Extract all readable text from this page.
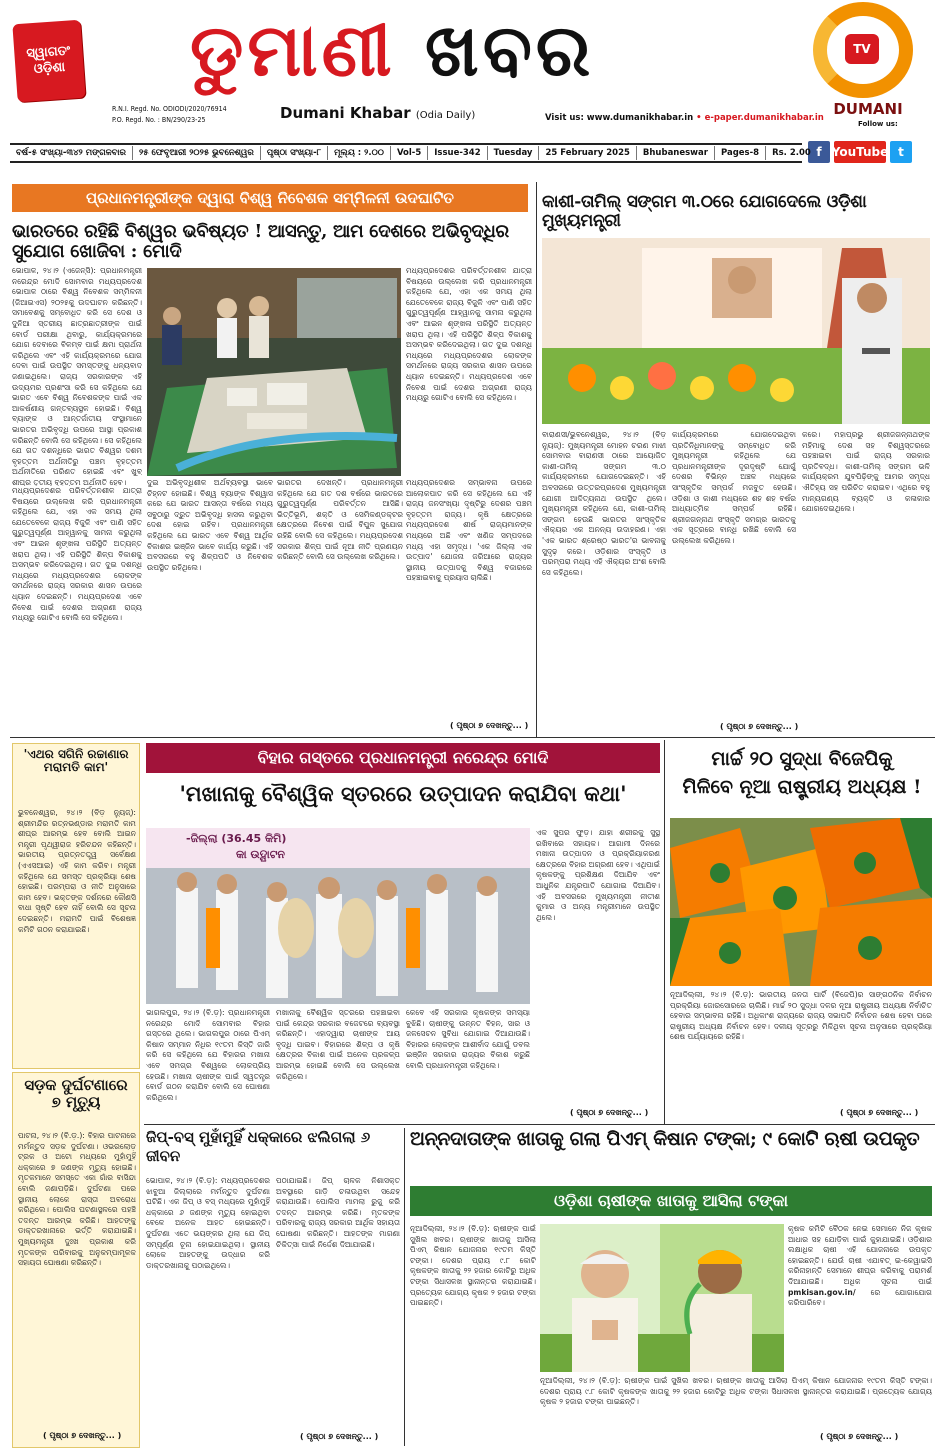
ସ୍ୱାଗତଂ
ଓଡ଼ିଶା ଡୁମାଣୀ ଖବର
R.N.I. Regd. No. ODIODI/2020/76914
P.O. Regd. No. : BN/290/23-25	Dumani Khabar (Odia Daily)	Visit us: www.dumanikhabar.in • e-paper.dumanikhabar.in
TV
DUMANI
Follow us:
f YouTube t
ବର୍ଷ-୫ ସଂଖ୍ୟା-୩୪୨ ମଙ୍ଗଳବାର	୨୫ ଫେବୃଆରୀ ୨୦୨୫ ଭୁବନେଶ୍ୱର	ପୃଷ୍ଠା ସଂଖ୍ୟା-୮	ମୂଲ୍ୟ : ୨.୦୦	Vol-5	Issue-342	Tuesday	25 February 2025	Bhubaneswar	Pages-8	Rs. 2.00
ପ୍ରଧାନମନ୍ତ୍ରୀଙ୍କ ଦ୍ୱାରା ବିଶ୍ୱ ନିବେଶକ ସମ୍ମିଳନୀ ଉଦଘାଟିତ
ଭାରତରେ ରହିଛି ବିଶ୍ୱର ଭବିଷ୍ୟତ ! ଆସନ୍ତୁ, ଆମ ଦେଶରେ ଅଭିବୃଦ୍ଧିର ସୁଯୋଗ ଖୋଜିବା : ମୋଦି
ଭୋପାଳ, ୨୪।୨ (ଏଜେନ୍ସି): ପ୍ରଧାନମନ୍ତ୍ରୀ ନରେନ୍ଦ୍ର ମୋଦି ସୋମବାର ମଧ୍ୟପ୍ରଦେଶ ଭୋପାଳ ଠାରେ ବିଶ୍ୱ ନିବେଶକ ସମ୍ମିଳନୀ (ଜିଆଇଏସ) ୨୦୨୫କୁ ଉଦଘାଟନ କରିଛନ୍ତି। ସମାବେଶକୁ ସମ୍ବୋଧିତ କରି ସେ ଦେଶ ଓ ଦୁନିଆ ସ୍ତରୀୟ ଛାତ୍ରଛାତ୍ରୀଙ୍କ ପାଇଁ ବୋର୍ଡ ପରୀକ୍ଷା ଥିବାରୁ, କାର୍ଯ୍ୟକ୍ରମରେ ଯୋଗ ଦେବାରେ ବିଳମ୍ବ ପାଇଁ କ୍ଷମା ପ୍ରାର୍ଥନା କରିଥିଲେ ଏବଂ ଏହି କାର୍ଯ୍ୟକ୍ରମରେ ଯୋଗ ଦେବା ପାଇଁ ଉପସ୍ଥିତ ସମସ୍ତଙ୍କୁ ଧନ୍ୟବାଦ ଜଣାଇଥିଲେ। ରାଜ୍ୟ ସରକାରଙ୍କ ଏହି ଉଦ୍ୟମର ପ୍ରଶଂସା କରି ସେ କହିଥିଲେ ଯେ ଭାରତ ଏବେ ବିଶ୍ୱ ନିବେଶକଙ୍କ ପାଇଁ ଏକ ଆକର୍ଷଣୀୟ ଗନ୍ତବ୍ୟସ୍ଥଳ ହୋଇଛି। ବିଶ୍ୱ ବ୍ୟାଙ୍କ ଓ ଆନ୍ତର୍ଜାତୀୟ ସଂସ୍ଥାମାନେ ଭାରତର ଅଭିବୃଦ୍ଧି ଉପରେ ଆସ୍ଥା ପ୍ରକାଶ କରିଛନ୍ତି ବୋଲି ସେ କହିଥିଲେ। ସେ କହିଥିଲେ ଯେ ଗତ ଦଶନ୍ଧିରେ ଭାରତ ବିଶ୍ୱର ଦଶମ ବୃହତ୍ତମ ଅର୍ଥନୀତିରୁ ପଞ୍ଚମ ବୃହତ୍ତମ ଅର୍ଥନୀତିରେ ପରିଣତ ହୋଇଛି ଏବଂ ଖୁବ୍ ଶୀଘ୍ର ତୃତୀୟ ବୃହତ୍ତମ ଅର୍ଥନୀତି ହେବ।
ମଧ୍ୟପ୍ରଦେଶର ପରିବର୍ତ୍ତନଶୀଳ ଯାତ୍ରା ବିଷୟରେ ଉଲ୍ଲେଖ କରି ପ୍ରଧାନମନ୍ତ୍ରୀ କହିଥିଲେ ଯେ, ଏହା ଏକ ସମୟ ଥିଲା ଯେତେବେଳେ ରାଜ୍ୟ ବିଜୁଳି ଏବଂ ପାଣି ସହିତ ଗୁରୁତ୍ୱପୂର୍ଣ୍ଣ ଆହ୍ୱାନକୁ ସାମନା କରୁଥିଲା ଏବଂ ଆଇନ ଶୃଙ୍ଖଳା ପରିସ୍ଥିତି ଅତ୍ୟନ୍ତ ଖରାପ ଥିଲା। ଏହି ପରିସ୍ଥିତି ଶିଳ୍ପ ବିକାଶକୁ ଅସମ୍ଭବ କରିଦେଇଥିଲା। ଗତ ଦୁଇ ଦଶନ୍ଧି ମଧ୍ୟରେ ମଧ୍ୟପ୍ରଦେଶର ଲୋକଙ୍କ ସମର୍ଥନରେ ରାଜ୍ୟ ସରକାର ଶାସନ ଉପରେ ଧ୍ୟାନ ଦେଇଛନ୍ତି। ମଧ୍ୟପ୍ରଦେଶ ଏବେ ନିବେଶ ପାଇଁ ଦେଶର ଅଗ୍ରଣୀ ରାଜ୍ୟ ମଧ୍ୟରୁ ଗୋଟିଏ ବୋଲି ସେ କହିଥିଲେ।
ମଧ୍ୟପ୍ରଦେଶର ପରିବର୍ତ୍ତନଶୀଳ ଯାତ୍ରା ବିଷୟରେ ଉଲ୍ଲେଖ କରି ପ୍ରଧାନମନ୍ତ୍ରୀ କହିଥିଲେ ଯେ, ଏହା ଏକ ସମୟ ଥିଲା ଯେତେବେଳେ ରାଜ୍ୟ ବିଜୁଳି ଏବଂ ପାଣି ସହିତ ଗୁରୁତ୍ୱପୂର୍ଣ୍ଣ ଆହ୍ୱାନକୁ ସାମନା କରୁଥିଲା ଏବଂ ଆଇନ ଶୃଙ୍ଖଳା ପରିସ୍ଥିତି ଅତ୍ୟନ୍ତ ଖରାପ ଥିଲା। ଏହି ପରିସ୍ଥିତି ଶିଳ୍ପ ବିକାଶକୁ ଅସମ୍ଭବ କରିଦେଇଥିଲା। ଗତ ଦୁଇ ଦଶନ୍ଧି ମଧ୍ୟରେ ମଧ୍ୟପ୍ରଦେଶର ଲୋକଙ୍କ ସମର୍ଥନରେ ରାଜ୍ୟ ସରକାର ଶାସନ ଉପରେ ଧ୍ୟାନ ଦେଇଛନ୍ତି। ମଧ୍ୟପ୍ରଦେଶ ଏବେ ନିବେଶ ପାଇଁ ଦେଶର ଅଗ୍ରଣୀ ରାଜ୍ୟ ମଧ୍ୟରୁ ଗୋଟିଏ ବୋଲି ସେ କହିଥିଲେ।
ଦୁଇ ଅଭିବୃଦ୍ଧିଶୀଳ ଅର୍ଥବ୍ୟବସ୍ଥା ଭାବେ ଚିହ୍ନଟ ହୋଇଛି। ବିଶ୍ୱ ବ୍ୟାଙ୍କ ବିଶ୍ୱାସ କରେ ଯେ ଭାରତ ଆସନ୍ତା ବର୍ଷରେ ମଧ୍ୟ ସବୁଠାରୁ ଦ୍ରୁତ ଅଭିବୃଦ୍ଧି ହାସଲ କରୁଥିବା ଦେଶ ହୋଇ ରହିବ। ପ୍ରଧାନମନ୍ତ୍ରୀ କହିଥିଲେ ଯେ ଭାରତ ଏବେ ବିଶ୍ୱ ଆର୍ଥିକ ବିକାଶର ଇଞ୍ଜିନ ଭାବେ କାର୍ଯ୍ୟ କରୁଛି। ଏହି ଅବସରରେ ବହୁ ଶିଳ୍ପପତି ଓ ନିବେଶକ ଉପସ୍ଥିତ ରହିଥିଲେ।
ଭାରତର ଦେଖନ୍ତି। ପ୍ରଧାନମନ୍ତ୍ରୀ କହିଥିଲେ ଯେ ଗତ ଦଶ ବର୍ଷରେ ଭାରତରେ ଗୁରୁତ୍ୱପୂର୍ଣ୍ଣ ପରିବର୍ତ୍ତନ ଆସିଛି। ଭିତ୍ତିଭୂମି, ଶକ୍ତି ଓ ସେମିକଣ୍ଡକ୍ଟର କ୍ଷେତ୍ରରେ ନିବେଶ ପାଇଁ ବିପୁଳ ସୁଯୋଗ ରହିଛି ବୋଲି ସେ କହିଥିଲେ। ମଧ୍ୟପ୍ରଦେଶ ସରକାର ଶିଳ୍ପ ପାଇଁ ନୂଆ ନୀତି ପ୍ରଣୟନ କରିଛନ୍ତି ବୋଲି ସେ ଉଲ୍ଲେଖ କରିଥିଲେ।
ମଧ୍ୟପ୍ରଦେଶର ସମ୍ଭାବନା ଉପରେ ଆଲୋକପାତ କରି ସେ କହିଥିଲେ ଯେ ଏହି ରାଜ୍ୟ ଜନସଂଖ୍ୟା ଦୃଷ୍ଟିରୁ ଦେଶର ପଞ୍ଚମ ବୃହତ୍ତମ ରାଜ୍ୟ। କୃଷି କ୍ଷେତ୍ରରେ ମଧ୍ୟପ୍ରଦେଶ ଶୀର୍ଷ ରାଜ୍ୟମାନଙ୍କ ମଧ୍ୟରେ ଅଛି ଏବଂ ଖଣିଜ ସମ୍ପଦରେ ମଧ୍ୟ ଏହା ସମୃଦ୍ଧ। 'ଏକ ଜିଲ୍ଲା ଏକ ଉତ୍ପାଦ' ଯୋଜନା ଜରିଆରେ ରାଜ୍ୟର ସ୍ଥାନୀୟ ଉତ୍ପାଦକୁ ବିଶ୍ୱ ବଜାରରେ ପହଞ୍ଚାଇବାକୁ ପ୍ରୟାସ ଚାଲିଛି।
( ପୃଷ୍ଠା ୭ ଦେଖନ୍ତୁ... )
କାଶୀ-ତାମିଲ୍ ସଙ୍ଗମ ୩.୦ରେ ଯୋଗଦେଲେ ଓଡ଼ିଶା ମୁଖ୍ୟମନ୍ତ୍ରୀ
ବାରାଣସୀ/ଭୁବନେଶ୍ୱର, ୨୪।୨ (ବିଡ଼ ନ୍ୟୁଜ୍): ମୁଖ୍ୟମନ୍ତ୍ରୀ ମୋହନ ଚରଣ ମାଝୀ ସୋମବାର ବାରାଣସୀ ଠାରେ ଆୟୋଜିତ କାଶୀ-ତାମିଲ୍ ସଙ୍ଗମ ୩.୦ କାର୍ଯ୍ୟକ୍ରମରେ ଯୋଗଦେଇଛନ୍ତି। ଏହି ଅବସରରେ ଉତ୍ତରପ୍ରଦେଶ ମୁଖ୍ୟମନ୍ତ୍ରୀ ଯୋଗୀ ଆଦିତ୍ୟନାଥ ଉପସ୍ଥିତ ଥିଲେ। ମୁଖ୍ୟମନ୍ତ୍ରୀ କହିଥିଲେ ଯେ, କାଶୀ-ତାମିଲ୍ ସଙ୍ଗମ ହେଉଛି ଭାରତର ସାଂସ୍କୃତିକ ଐକ୍ୟର ଏକ ଅନନ୍ୟ ଉଦାହରଣ। ଏହା 'ଏକ ଭାରତ ଶ୍ରେଷ୍ଠ ଭାରତ'ର ଭାବନାକୁ ସୁଦୃଢ଼ କରେ। ଓଡ଼ିଶାର ସଂସ୍କୃତି ଓ ପରମ୍ପରା ମଧ୍ୟ ଏହି ଐକ୍ୟର ଅଂଶ ବୋଲି ସେ କହିଥିଲେ।
କାର୍ଯ୍ୟକ୍ରମରେ ଯୋଗଦେଇଥିବା ପ୍ରତିନିଧିମାନଙ୍କୁ ସମ୍ବୋଧିତ କରି ମୁଖ୍ୟମନ୍ତ୍ରୀ କହିଥିଲେ ଯେ ପ୍ରଧାନମନ୍ତ୍ରୀଙ୍କ ଦୂରଦୃଷ୍ଟି ଯୋଗୁଁ ଦେଶର ବିଭିନ୍ନ ଅଞ୍ଚଳ ମଧ୍ୟରେ ସାଂସ୍କୃତିକ ସମ୍ପର୍କ ମଜବୁତ ହେଉଛି। ଓଡ଼ିଶା ଓ କାଶୀ ମଧ୍ୟରେ ଶହ ଶହ ବର୍ଷର ଆଧ୍ୟାତ୍ମିକ ସମ୍ପର୍କ ରହିଛି। ଶ୍ରୀଜଗନ୍ନାଥ ସଂସ୍କୃତି ସମଗ୍ର ଭାରତକୁ ଏକ ସୂତ୍ରରେ ବାନ୍ଧି ରଖିଛି ବୋଲି ସେ ଉଲ୍ଲେଖ କରିଥିଲେ।
କରେ। ମହାପ୍ରଭୁ ଶ୍ରୀଜଗନ୍ନାଥଙ୍କ ମହିମାକୁ ଦେଶ ସହ ବିଶ୍ୱସ୍ତରରେ ପହଞ୍ଚାଇବା ପାଇଁ ରାଜ୍ୟ ସରକାର ପ୍ରତିବଦ୍ଧ। କାଶୀ-ତାମିଲ୍ ସଙ୍ଗମ ଭଳି କାର୍ଯ୍ୟକ୍ରମ ଯୁବପିଢ଼ିଙ୍କୁ ଆମର ସମୃଦ୍ଧ ଐତିହ୍ୟ ସହ ପରିଚିତ କରାଇବ। ଏଥିରେ ବହୁ ମାନ୍ୟଗଣ୍ୟ ବ୍ୟକ୍ତି ଓ କଳାକାର ଯୋଗଦେଇଥିଲେ।
( ପୃଷ୍ଠା ୭ ଦେଖନ୍ତୁ... )
'ଏଥର ସଗିନି ରଚ୍ଚାଣାର ମରାମତି କାମ'
ଭୁବନେଶ୍ୱର, ୨୪।୨ (ବିଡ଼ ନ୍ୟୁଜ୍): ଶ୍ରୀମନ୍ଦିର ରତ୍ନଭଣ୍ଡାର ମରାମତି କାମ ଶୀଘ୍ର ଆରମ୍ଭ ହେବ ବୋଲି ଆଇନ ମନ୍ତ୍ରୀ ପୃଥ୍ୱୀରାଜ ହରିଚନ୍ଦନ କହିଛନ୍ତି। ଭାରତୀୟ ପ୍ରତ୍ନତତ୍ତ୍ୱ ସର୍ବେକ୍ଷଣ (ଏଏସଆଇ) ଏହି କାମ କରିବ। ମନ୍ତ୍ରୀ କହିଥିଲେ ଯେ ସମସ୍ତ ପ୍ରକ୍ରିୟା ଶେଷ ହୋଇଛି। ପରମ୍ପରା ଓ ନୀତି ଅନୁସାରେ କାମ ହେବ। ଭକ୍ତଙ୍କ ଦର୍ଶନରେ କୌଣସି ବାଧା ସୃଷ୍ଟି ହେବ ନାହିଁ ବୋଲି ସେ ସୂଚନା ଦେଇଛନ୍ତି। ମରାମତି ପାଇଁ ବିଶେଷଜ୍ଞ କମିଟି ଗଠନ କରାଯାଇଛି।
ସଡ଼କ ଦୁର୍ଘଟଣାରେ ୭ ମୃତ୍ୟୁ
ପାଟନା, ୨୪।୨ (ବି.ଡ଼.): ବିହାର ପାଟନାରେ ମର୍ମନ୍ତୁଦ ସଡ଼କ ଦୁର୍ଘଟଣା। ଓଭରଲୋଡ଼ ଟ୍ରକ ଓ ଅଟୋ ମଧ୍ୟରେ ମୁହାଁମୁହିଁ ଧକ୍କାରେ ୭ ଜଣଙ୍କ ମୃତ୍ୟୁ ହୋଇଛି। ମୃତକମାନେ ସମସ୍ତେ ଏକା ଗାଁର ବାସିନ୍ଦା ବୋଲି ଜଣାପଡ଼ିଛି। ଦୁର୍ଘଟଣା ପରେ ସ୍ଥାନୀୟ ଲୋକେ ରାସ୍ତା ଅବରୋଧ କରିଥିଲେ। ପୋଲିସ ଘଟଣାସ୍ଥଳରେ ପହଞ୍ଚି ତଦନ୍ତ ଆରମ୍ଭ କରିଛି। ଆହତଙ୍କୁ ଡାକ୍ତରଖାନାରେ ଭର୍ତ୍ତି କରାଯାଇଛି। ମୁଖ୍ୟମନ୍ତ୍ରୀ ଦୁଃଖ ପ୍ରକାଶ କରି ମୃତକଙ୍କ ପରିବାରକୁ ଅନୁକମ୍ପାମୂଳକ ସହାୟତା ଘୋଷଣା କରିଛନ୍ତି।
( ପୃଷ୍ଠା ୭ ଦେଖନ୍ତୁ... )
ବିହାର ଗସ୍ତରେ ପ୍ରଧାନମନ୍ତ୍ରୀ ନରେନ୍ଦ୍ର ମୋଦି
'ମଖାନାକୁ ବୈଶ୍ୱିକ ସ୍ତରରେ ଉତ୍ପାଦନ କରାଯିବା କଥା'
-ଜିଲ୍ଲା (36.45 କିମି)
କା ଉଦ୍ଘାଟନ
ଭାଗଲପୁର, ୨୪।୨ (ବି.ଡ଼): ପ୍ରଧାନମନ୍ତ୍ରୀ ନରେନ୍ଦ୍ର ମୋଦି ସୋମବାର ବିହାର ଗସ୍ତରେ ଥିଲେ। ଭାଗଲପୁର ଠାରେ ପିଏମ୍ କିଷାନ ସମ୍ମାନ ନିଧିର ୧୯ତମ କିସ୍ତି ଜାରି କରି ସେ କହିଥିଲେ ଯେ ବିହାରର ମଖାନା ଏବେ ସମଗ୍ର ବିଶ୍ୱରେ ଲୋକପ୍ରିୟ ହେଉଛି। ମଖାନା ଚାଷୀଙ୍କ ପାଇଁ ସ୍ୱତନ୍ତ୍ର ବୋର୍ଡ ଗଠନ କରାଯିବ ବୋଲି ସେ ଘୋଷଣା କରିଥିଲେ।
ମଖାନାକୁ ବୈଶ୍ୱିକ ସ୍ତରରେ ପହଞ୍ଚାଇବା ପାଇଁ କେନ୍ଦ୍ର ସରକାର ବଜେଟରେ ବ୍ୟବସ୍ଥା କରିଛନ୍ତି। ଏହାଦ୍ୱାରା ଚାଷୀଙ୍କ ଆୟ ବୃଦ୍ଧି ପାଇବ। ବିହାରରେ ଶିଳ୍ପ ଓ କୃଷି କ୍ଷେତ୍ରର ବିକାଶ ପାଇଁ ଅନେକ ପ୍ରକଳ୍ପ ଆରମ୍ଭ ହୋଇଛି ବୋଲି ସେ ଉଲ୍ଲେଖ କରିଥିଲେ।
କେବେ ଏହି ସରକାର କୃଷକଙ୍କ ସମସ୍ୟା ବୁଝିଛି। ଚାଷୀଙ୍କୁ ଉନ୍ନତ ବିହନ, ସାର ଓ ଜଳସେଚନ ସୁବିଧା ଯୋଗାଇ ଦିଆଯାଉଛି। ବିହାରର ଲୋକଙ୍କ ଆଶୀର୍ବାଦ ଯୋଗୁଁ ଡବଲ ଇଞ୍ଜିନ ସରକାର ରାଜ୍ୟର ବିକାଶ କରୁଛି ବୋଲି ପ୍ରଧାନମନ୍ତ୍ରୀ କହିଥିଲେ।
ଏକ ସୁପର ଫୁଡ଼। ଯାହା ଶରୀରକୁ ସୁସ୍ଥ ରଖିବାରେ ସହାୟକ। ଆଗାମୀ ଦିନରେ ମଖାନା ଉତ୍ପାଦନ ଓ ପ୍ରକ୍ରିୟାକରଣ କ୍ଷେତ୍ରରେ ବିହାର ଅଗ୍ରଣୀ ହେବ। ଏଥିପାଇଁ କୃଷକଙ୍କୁ ପ୍ରଶିକ୍ଷଣ ଦିଆଯିବ ଏବଂ ଆଧୁନିକ ଯନ୍ତ୍ରପାତି ଯୋଗାଇ ଦିଆଯିବ। ଏହି ଅବସରରେ ମୁଖ୍ୟମନ୍ତ୍ରୀ ନୀତୀଶ କୁମାର ଓ ଅନ୍ୟ ମନ୍ତ୍ରୀମାନେ ଉପସ୍ଥିତ ଥିଲେ।
( ପୃଷ୍ଠା ୭ ଦେଖନ୍ତୁ... )
ମାର୍ଚ୍ଚ ୨୦ ସୁଦ୍ଧା ବିଜେପିକୁ
ମିଳିବେ ନୂଆ ରାଷ୍ଟ୍ରୀୟ ଅଧ୍ୟକ୍ଷ !
ନୂଆଦିଲ୍ଲୀ, ୨୪।୨ (ବି.ଡ଼): ଭାରତୀୟ ଜନତା ପାର୍ଟି (ବିଜେପି)ର ସାଙ୍ଗଠନିକ ନିର୍ବାଚନ ପ୍ରକ୍ରିୟା ଜୋରସୋରରେ ଚାଲିଛି। ମାର୍ଚ୍ଚ ୨୦ ସୁଦ୍ଧା ଦଳର ନୂଆ ରାଷ୍ଟ୍ରୀୟ ଅଧ୍ୟକ୍ଷ ନିର୍ବାଚିତ ହେବାର ସମ୍ଭାବନା ରହିଛି। ଅଧିକାଂଶ ରାଜ୍ୟରେ ରାଜ୍ୟ ସଭାପତି ନିର୍ବାଚନ ଶେଷ ହେବା ପରେ ରାଷ୍ଟ୍ରୀୟ ଅଧ୍ୟକ୍ଷ ନିର୍ବାଚନ ହେବ। ଦଳୀୟ ସୂତ୍ରରୁ ମିଳିଥିବା ସୂଚନା ଅନୁସାରେ ପ୍ରକ୍ରିୟା ଶେଷ ପର୍ଯ୍ୟାୟରେ ରହିଛି।
( ପୃଷ୍ଠା ୭ ଦେଖନ୍ତୁ... )
ଜିପ୍-ବସ୍ ମୁହାଁମୁହିଁ ଧକ୍କାରେ ଝଲିଗଲା ୬ ଜୀବନ
ଭୋପାଳ, ୨୪।୨ (ବି.ଡ଼): ମଧ୍ୟପ୍ରଦେଶର ଝାବୁଆ ଜିଲ୍ଲାରେ ମର୍ମନ୍ତୁଦ ଦୁର୍ଘଟଣା ଘଟିଛି। ଏକ ଜିପ୍ ଓ ବସ୍ ମଧ୍ୟରେ ମୁହାଁମୁହିଁ ଧକ୍କାରେ ୬ ଜଣଙ୍କ ମୃତ୍ୟୁ ହୋଇଥିବା ବେଳେ ଅନେକ ଆହତ ହୋଇଛନ୍ତି। ଦୁର୍ଘଟଣା ଏତେ ଭୟଙ୍କର ଥିଲା ଯେ ଜିପ୍ ସମ୍ପୂର୍ଣ୍ଣ ଚୂନା ହୋଇଯାଇଥିଲା। ସ୍ଥାନୀୟ ଲୋକେ ଆହତଙ୍କୁ ଉଦ୍ଧାର କରି ଡାକ୍ତରଖାନାକୁ ପଠାଇଥିଲେ।
ପଠାଯାଇଛି। ଜିପ୍ ଚାଳକ ନିଶାସକ୍ତ ଅବସ୍ଥାରେ ଗାଡ଼ି ଚଳାଉଥିବା ସନ୍ଦେହ କରାଯାଉଛି। ପୋଲିସ ମାମଲା ରୁଜୁ କରି ତଦନ୍ତ ଆରମ୍ଭ କରିଛି। ମୃତକଙ୍କ ପରିବାରକୁ ରାଜ୍ୟ ସରକାର ଆର୍ଥିକ ସହାୟତା ଘୋଷଣା କରିଛନ୍ତି। ଆହତଙ୍କ ମାଗଣା ଚିକିତ୍ସା ପାଇଁ ନିର୍ଦ୍ଦେଶ ଦିଆଯାଇଛି।
( ପୃଷ୍ଠା ୭ ଦେଖନ୍ତୁ... )
ଅନ୍ନଦାତାଙ୍କ ଖାତାକୁ ଗଲା ପିଏମ୍ କିଷାନ ଟଙ୍କା; ୯ କୋଟି ଋଷୀ ଉପକୃତ
ଓଡ଼ିଶା ଚାଷୀଙ୍କ ଖାତାକୁ ଆସିଲା ଟଙ୍କା
ନୂଆଦିଲ୍ଲୀ, ୨୪।୨ (ବି.ଡ଼): ଋଷୀଙ୍କ ପାଇଁ ସୁଖିଲ ଖବର। ଋଷୀଙ୍କ ଖାତାକୁ ଆସିଲା ପିଏମ୍ କିଷାନ ଯୋଜନାର ୧୯ତମ କିସ୍ତି ଟଙ୍କା। ଦେଶର ପ୍ରାୟ ୯.୮ କୋଟି କୃଷକଙ୍କ ଖାତାକୁ ୨୨ ହଜାର କୋଟିରୁ ଅଧିକ ଟଙ୍କା ସିଧାସଳଖ ସ୍ଥାନାନ୍ତର କରାଯାଇଛି। ପ୍ରତ୍ୟେକ ଯୋଗ୍ୟ କୃଷକ ୨ ହଜାର ଟଙ୍କା ପାଇଛନ୍ତି।
କୃଷକ କମିଟି ବୈଠକ ନେଇ ସେମାନେ ନିଜ କୃଷକ ଆଧାର ସହ ଯୋଡ଼ିବା ପାଇଁ କୁହାଯାଇଛି। ଓଡ଼ିଶାର ଲକ୍ଷାଧିକ ଚାଷୀ ଏହି ଯୋଜନାରେ ଉପକୃତ ହୋଇଛନ୍ତି। ଯେଉଁ ଚାଷୀ ଏଯାବତ୍ ଇ-କେୱାଇସି କରିନାହାନ୍ତି ସେମାନେ ଶୀଘ୍ର କରିବାକୁ ପରାମର୍ଶ ଦିଆଯାଇଛି। ଅଧିକ ସୂଚନା ପାଇଁ pmkisan.gov.in/ ରେ ଯୋଗାଯୋଗ କରିପାରିବେ।
ନୂଆଦିଲ୍ଲୀ, ୨୪।୨ (ବି.ଡ଼): ଋଷୀଙ୍କ ପାଇଁ ସୁଖିଲ ଖବର। ଋଷୀଙ୍କ ଖାତାକୁ ଆସିଲା ପିଏମ୍ କିଷାନ ଯୋଜନାର ୧୯ତମ କିସ୍ତି ଟଙ୍କା। ଦେଶର ପ୍ରାୟ ୯.୮ କୋଟି କୃଷକଙ୍କ ଖାତାକୁ ୨୨ ହଜାର କୋଟିରୁ ଅଧିକ ଟଙ୍କା ସିଧାସଳଖ ସ୍ଥାନାନ୍ତର କରାଯାଇଛି। ପ୍ରତ୍ୟେକ ଯୋଗ୍ୟ କୃଷକ ୨ ହଜାର ଟଙ୍କା ପାଇଛନ୍ତି।
( ପୃଷ୍ଠା ୭ ଦେଖନ୍ତୁ... )
